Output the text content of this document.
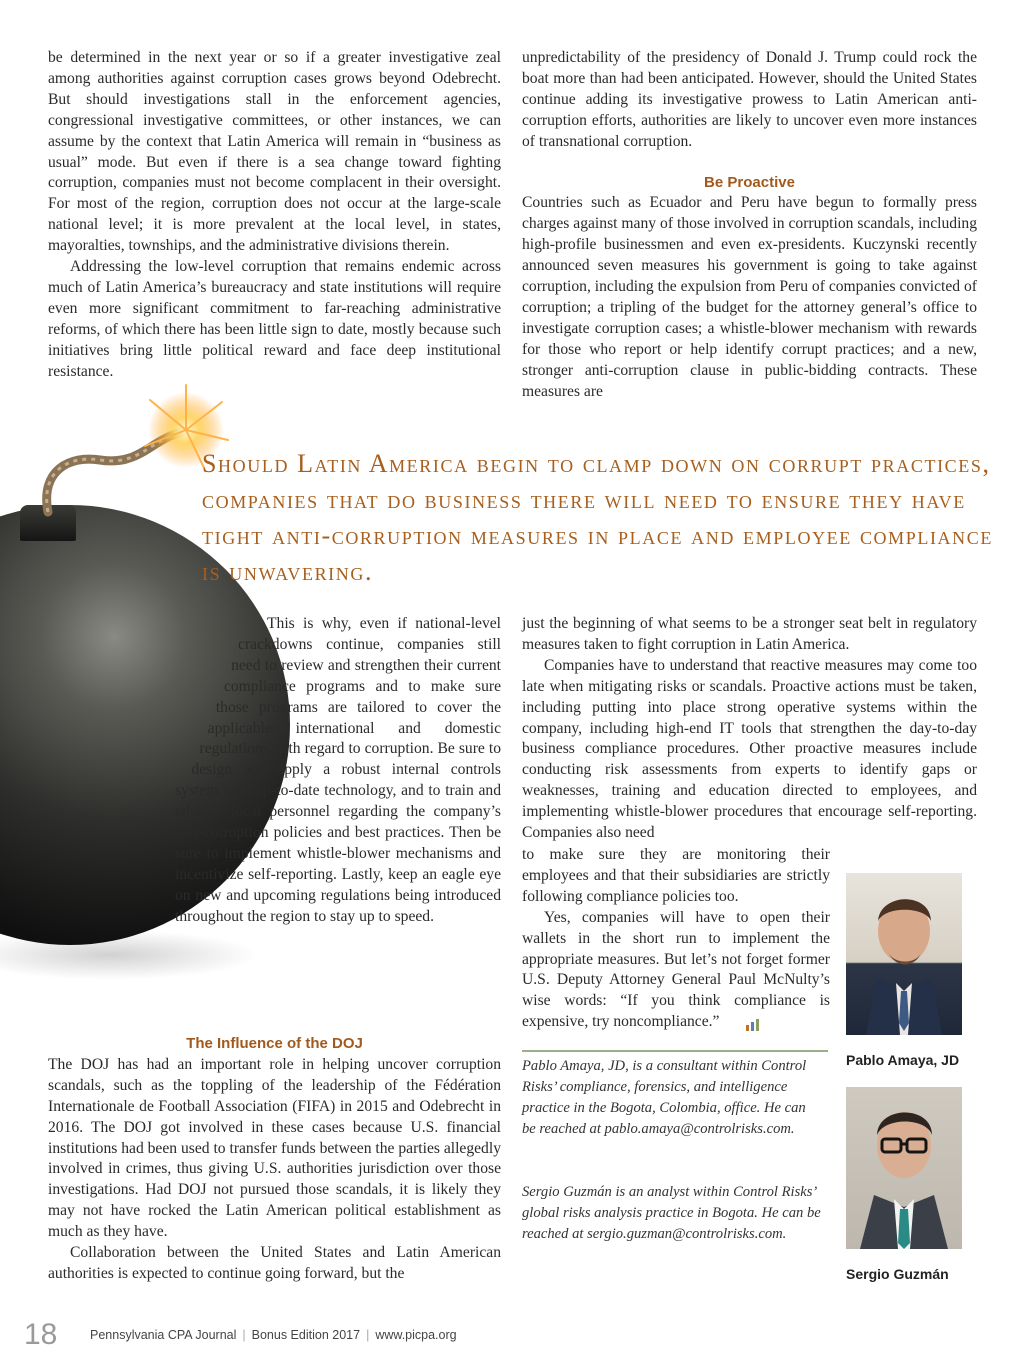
be determined in the next year or so if a greater investigative zeal among authorities against corruption cases grows beyond Odebrecht. But should investigations stall in the enforcement agencies, congressional investigative committees, or other instances, we can assume by the context that Latin America will remain in “business as usual” mode. But even if there is a sea change toward fighting corruption, companies must not become complacent in their oversight. For most of the region, corruption does not occur at the large-scale national level; it is more prevalent at the local level, in states, mayoralties, townships, and the administrative divisions therein.

Addressing the low-level corruption that remains endemic across much of Latin America’s bureaucracy and state institutions will require even more significant commitment to far-reaching administrative reforms, of which there has been little sign to date, mostly because such initiatives bring little political reward and face deep institutional resistance.

unpredictability of the presidency of Donald J. Trump could rock the boat more than had been anticipated. However, should the United States continue adding its investigative prowess to Latin American anti-corruption efforts, authorities are likely to uncover even more instances of transnational corruption.

Be Proactive

Countries such as Ecuador and Peru have begun to formally press charges against many of those involved in corruption scandals, including high-profile businessmen and even ex-presidents. Kuczynski recently announced seven measures his government is going to take against corruption, including the expulsion from Peru of companies convicted of corruption; a tripling of the budget for the attorney general’s office to investigate corruption cases; a whistle-blower mechanism with rewards for those who report or help identify corrupt practices; and a new, stronger anti-corruption clause in public-bidding contracts. These measures are

Should Latin America begin to clamp down on corrupt practices, companies that do business there will need to ensure they have tight anti-corruption measures in place and employee compliance is unwavering.

This is why, even if national-level crackdowns continue, companies still need to review and strengthen their current compliance programs and to make sure those programs are tailored to cover the applicable international and domestic regulations with regard to corruption. Be sure to design and apply a robust internal controls system with up-to-date technology, and to train and educate local personnel regarding the company’s anti-corruption policies and best practices. Then be sure to implement whistle-blower mechanisms and incentivize self-reporting. Lastly, keep an eagle eye on new and upcoming regulations being introduced throughout the region to stay up to speed.

The Influence of the DOJ

The DOJ has had an important role in helping uncover corruption scandals, such as the toppling of the leadership of the Fédération Internationale de Football Association (FIFA) in 2015 and Odebrecht in 2016. The DOJ got involved in these cases because U.S. financial institutions had been used to transfer funds between the parties allegedly involved in crimes, thus giving U.S. authorities jurisdiction over those investigations. Had DOJ not pursued those scandals, it is likely they may not have rocked the Latin American political establishment as much as they have.

Collaboration between the United States and Latin American authorities is expected to continue going forward, but the

just the beginning of what seems to be a stronger seat belt in regulatory measures taken to fight corruption in Latin America.

Companies have to understand that reactive measures may come too late when mitigating risks or scandals. Proactive actions must be taken, including putting into place strong operative systems within the company, including high-end IT tools that strengthen the day-to-day business compliance procedures. Other proactive measures include conducting risk assessments from experts to identify gaps or weaknesses, training and education directed to employees, and implementing whistle-blower procedures that encourage self-reporting. Companies also need

to make sure they are monitoring their employees and that their subsidiaries are strictly following compliance policies too.

Yes, companies will have to open their wallets in the short run to implement the appropriate measures. But let’s not forget former U.S. Deputy Attorney General Paul McNulty’s wise words: “If you think compliance is expensive, try noncompliance.”

Pablo Amaya, JD
Sergio Guzmán
Pablo Amaya, JD, is a consultant within Control Risks’ compliance, forensics, and intelligence practice in the Bogota, Colombia, office. He can be reached at pablo.amaya@controlrisks.com.
Sergio Guzmán is an analyst within Control Risks’ global risks analysis practice in Bogota. He can be reached at sergio.guzman@controlrisks.com.
18	Pennsylvania CPA Journal | Bonus Edition 2017 | www.picpa.org
